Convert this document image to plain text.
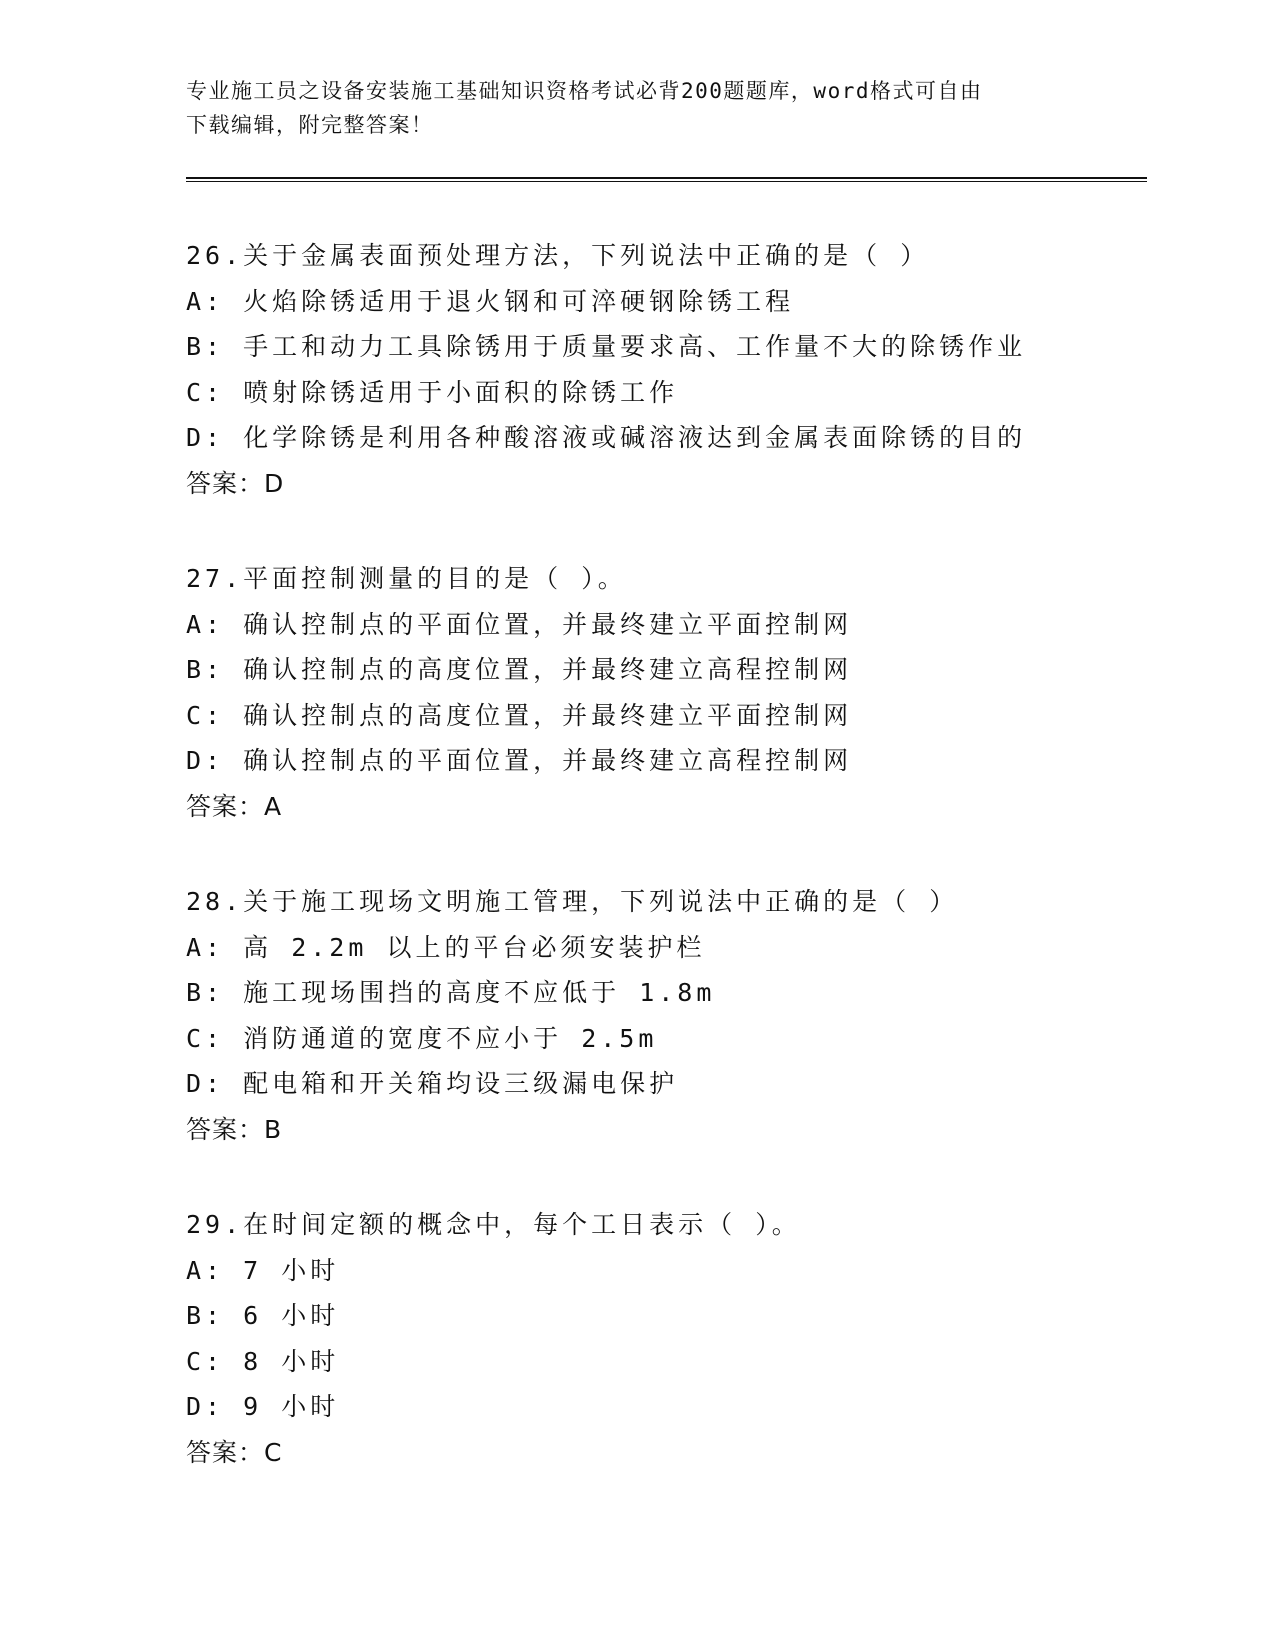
专业施工员之设备安装施工基础知识资格考试必背200题题库，word格式可自由
下载编辑，附完整答案！
26.关于金属表面预处理方法，下列说法中正确的是（ ）
A: 火焰除锈适用于退火钢和可淬硬钢除锈工程
B: 手工和动力工具除锈用于质量要求高、工作量不大的除锈作业
C: 喷射除锈适用于小面积的除锈工作
D: 化学除锈是利用各种酸溶液或碱溶液达到金属表面除锈的目的
答案：D
27.平面控制测量的目的是（ ）。
A: 确认控制点的平面位置，并最终建立平面控制网
B: 确认控制点的高度位置，并最终建立高程控制网
C: 确认控制点的高度位置，并最终建立平面控制网
D: 确认控制点的平面位置，并最终建立高程控制网
答案：A
28.关于施工现场文明施工管理，下列说法中正确的是（ ）
A: 高 2.2m 以上的平台必须安装护栏
B: 施工现场围挡的高度不应低于 1.8m
C: 消防通道的宽度不应小于 2.5m
D: 配电箱和开关箱均设三级漏电保护
答案：B
29.在时间定额的概念中，每个工日表示（ ）。
A: 7 小时
B: 6 小时
C: 8 小时
D: 9 小时
答案：C
